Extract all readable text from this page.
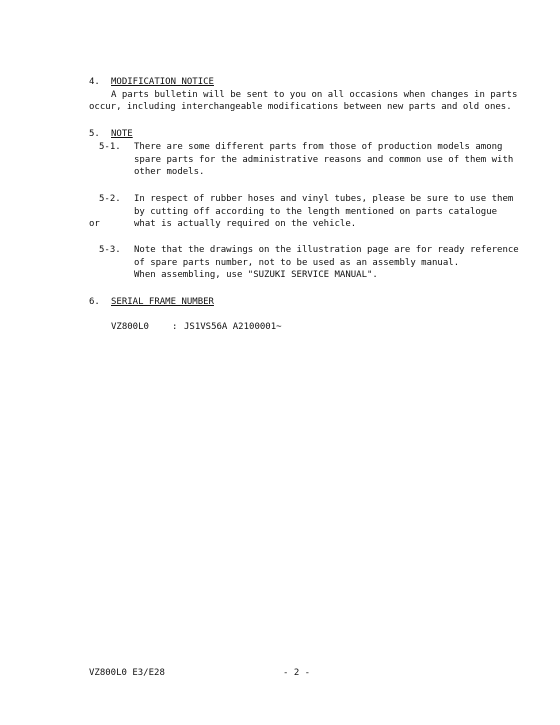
4. MODIFICATION NOTICE
A parts bulletin will be sent to you on all occasions when changes in parts
occur, including interchangeable modifications between new parts and old ones.
5. NOTE
5-1. There are some different parts from those of production models among
spare parts for the administrative reasons and common use of them with
other models.
5-2.
or
In respect of rubber hoses and vinyl tubes, please be sure to use them
by cutting off according to the length mentioned on parts catalogue
what is actually required on the vehicle.
5-3. Note that the drawings on the illustration page are for ready reference
of spare parts number, not to be used as an assembly manual.
When assembling, use "SUZUKI SERVICE MANUAL".
6. SERIAL FRAME NUMBER
VZ800L0	: JS1VS56A A2100001~
VZ800L0 E3/E28	- 2 -
